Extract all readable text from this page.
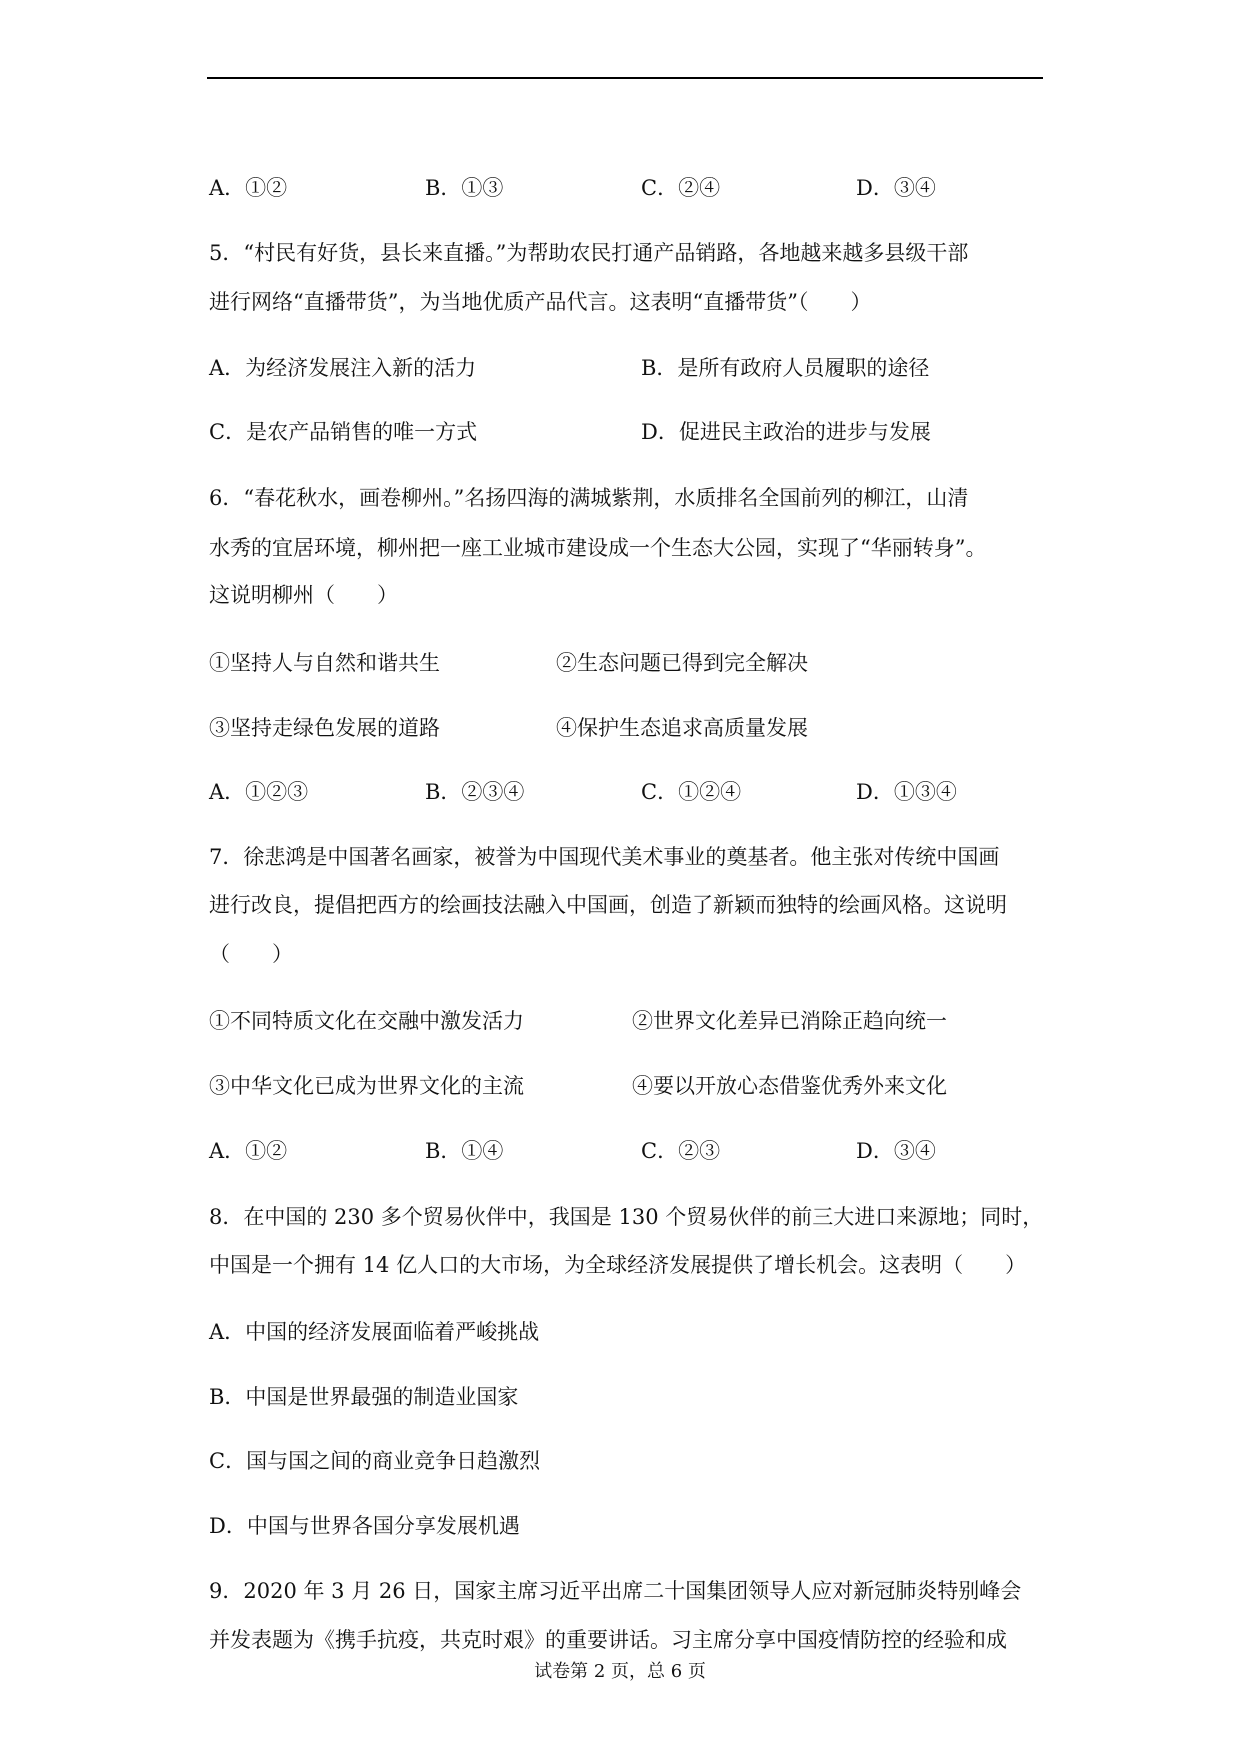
A．①②	B．①③	C．②④	D．③④
5．“村民有好货，县长来直播。”为帮助农民打通产品销路，各地越来越多县级干部
进行网络“直播带货”，为当地优质产品代言。这表明“直播带货”（　　）
A．为经济发展注入新的活力	B．是所有政府人员履职的途径
C．是农产品销售的唯一方式	D．促进民主政治的进步与发展
6．“春花秋水，画卷柳州。”名扬四海的满城紫荆，水质排名全国前列的柳江，山清
水秀的宜居环境，柳州把一座工业城市建设成一个生态大公园，实现了“华丽转身”。
这说明柳州（　　）
①坚持人与自然和谐共生	②生态问题已得到完全解决
③坚持走绿色发展的道路	④保护生态追求高质量发展
A．①②③	B．②③④	C．①②④	D．①③④
7．徐悲鸿是中国著名画家，被誉为中国现代美术事业的奠基者。他主张对传统中国画
进行改良，提倡把西方的绘画技法融入中国画，创造了新颖而独特的绘画风格。这说明
（　　）
①不同特质文化在交融中激发活力	②世界文化差异已消除正趋向统一
③中华文化已成为世界文化的主流	④要以开放心态借鉴优秀外来文化
A．①②	B．①④	C．②③	D．③④
8．在中国的 230 多个贸易伙伴中，我国是 130 个贸易伙伴的前三大进口来源地；同时，
中国是一个拥有 14 亿人口的大市场，为全球经济发展提供了增长机会。这表明（　　）
A．中国的经济发展面临着严峻挑战
B．中国是世界最强的制造业国家
C．国与国之间的商业竞争日趋激烈
D．中国与世界各国分享发展机遇
9．2020 年 3 月 26 日，国家主席习近平出席二十国集团领导人应对新冠肺炎特别峰会
并发表题为《携手抗疫，共克时艰》的重要讲话。习主席分享中国疫情防控的经验和成
试卷第 2 页，总 6 页
